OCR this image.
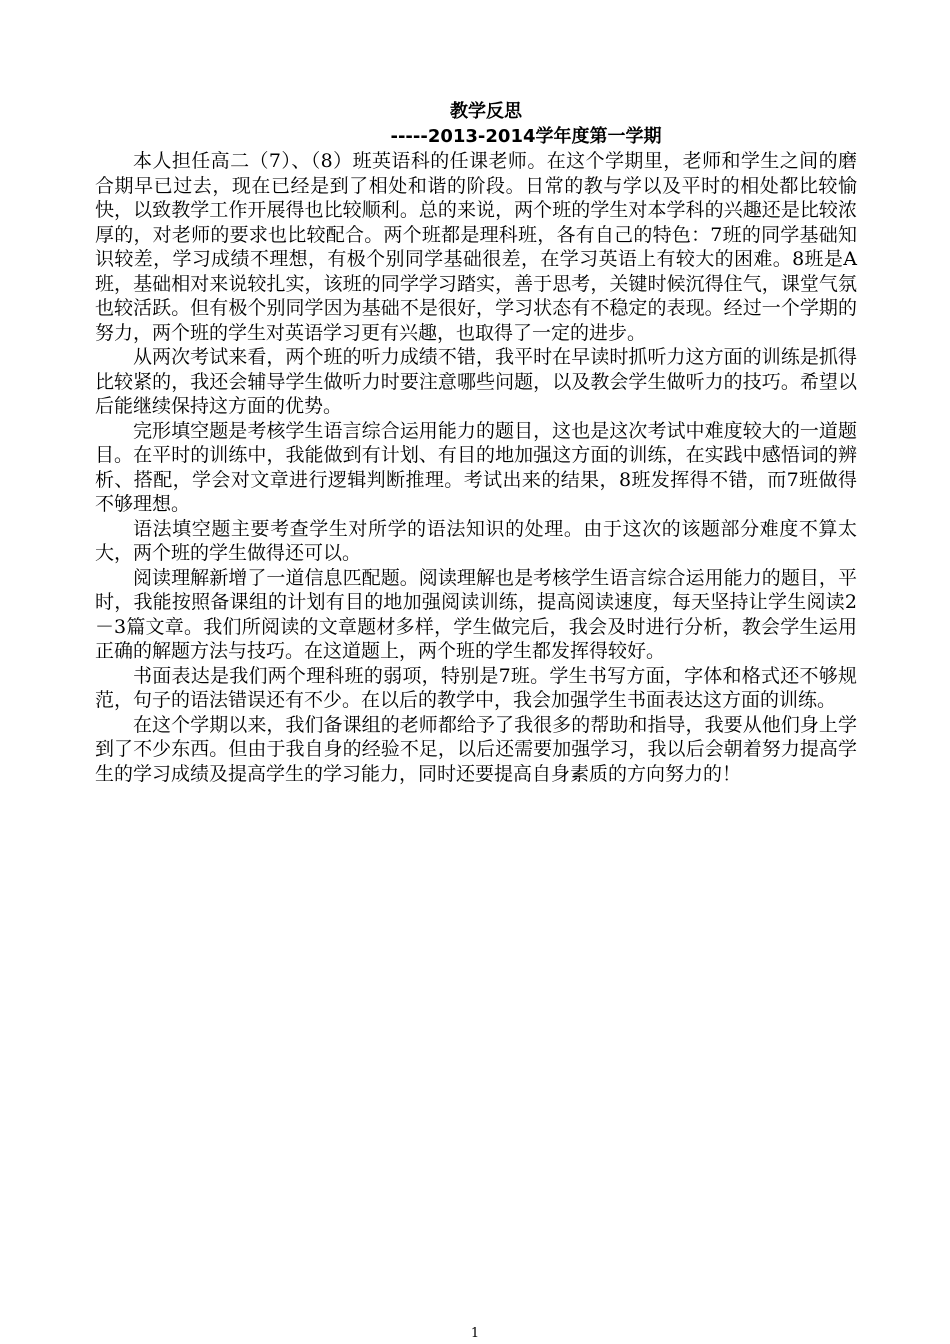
教学反思

-----2013-2014学年度第一学期

本人担任高二（7）、（8）班英语科的任课老师。在这个学期里，老师和学生之间的磨合期早已过去，现在已经是到了相处和谐的阶段。日常的教与学以及平时的相处都比较愉快，以致教学工作开展得也比较顺利。总的来说，两个班的学生对本学科的兴趣还是比较浓厚的，对老师的要求也比较配合。两个班都是理科班，各有自己的特色：7班的同学基础知识较差，学习成绩不理想，有极个别同学基础很差，在学习英语上有较大的困难。8班是A班，基础相对来说较扎实，该班的同学学习踏实，善于思考，关键时候沉得住气，课堂气氛也较活跃。但有极个别同学因为基础不是很好，学习状态有不稳定的表现。经过一个学期的努力，两个班的学生对英语学习更有兴趣，也取得了一定的进步。

从两次考试来看，两个班的听力成绩不错，我平时在早读时抓听力这方面的训练是抓得比较紧的，我还会辅导学生做听力时要注意哪些问题，以及教会学生做听力的技巧。希望以后能继续保持这方面的优势。

完形填空题是考核学生语言综合运用能力的题目，这也是这次考试中难度较大的一道题目。在平时的训练中，我能做到有计划、有目的地加强这方面的训练，在实践中感悟词的辨析、搭配，学会对文章进行逻辑判断推理。考试出来的结果，8班发挥得不错，而7班做得不够理想。

语法填空题主要考查学生对所学的语法知识的处理。由于这次的该题部分难度不算太大，两个班的学生做得还可以。

阅读理解新增了一道信息匹配题。阅读理解也是考核学生语言综合运用能力的题目，平时，我能按照备课组的计划有目的地加强阅读训练，提高阅读速度，每天坚持让学生阅读2－3篇文章。我们所阅读的文章题材多样，学生做完后，我会及时进行分析，教会学生运用正确的解题方法与技巧。在这道题上，两个班的学生都发挥得较好。

书面表达是我们两个理科班的弱项，特别是7班。学生书写方面，字体和格式还不够规范，句子的语法错误还有不少。在以后的教学中，我会加强学生书面表达这方面的训练。

在这个学期以来，我们备课组的老师都给予了我很多的帮助和指导，我要从他们身上学到了不少东西。但由于我自身的经验不足，以后还需要加强学习，我以后会朝着努力提高学生的学习成绩及提高学生的学习能力，同时还要提高自身素质的方向努力的！

1
